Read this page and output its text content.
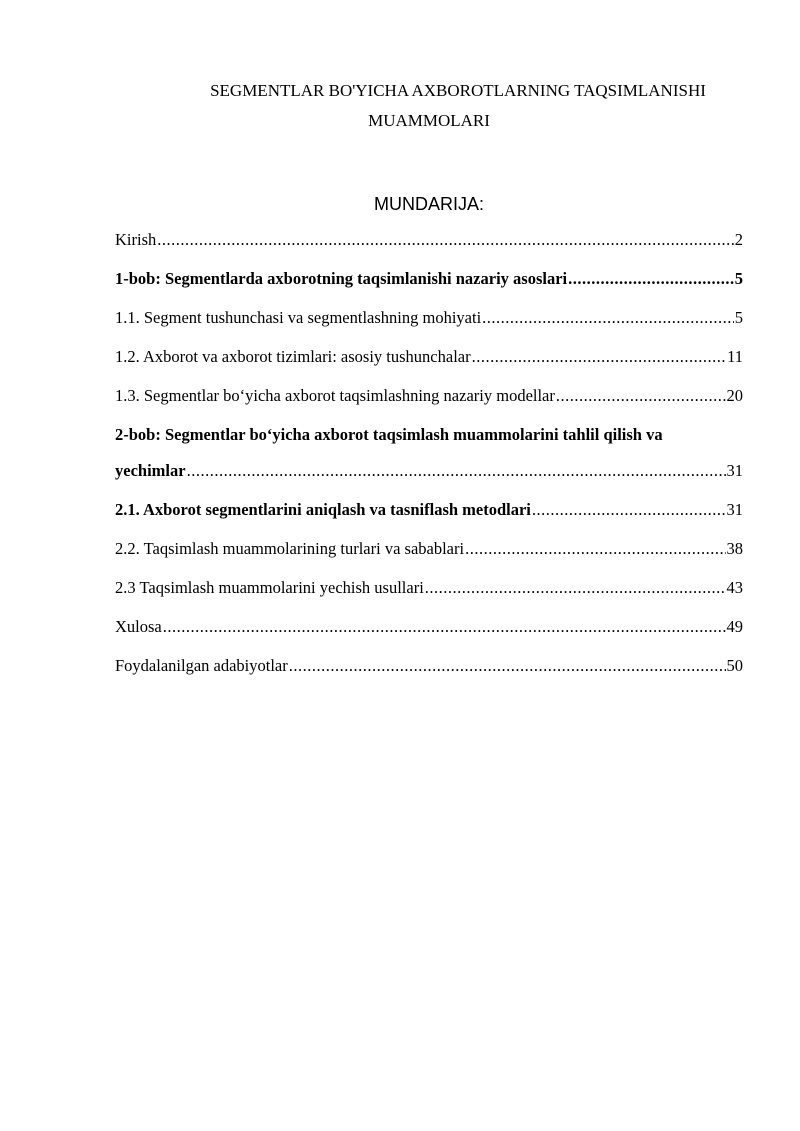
SEGMENTLAR BO'YICHA AXBOROTLARNING TAQSIMLANISHI
MUAMMOLARI
MUNDARIJA:
Kirish .....	2
1-bob: Segmentlarda axborotning taqsimlanishi nazariy asoslari .....	5
1.1. Segment tushunchasi va segmentlashning mohiyati .....	5
1.2. Axborot va axborot tizimlari: asosiy tushunchalar .....	11
1.3. Segmentlar bo‘yicha axborot taqsimlashning nazariy modellar .....	20
2-bob: Segmentlar bo‘yicha axborot taqsimlash muammolarini tahlil qilish va
yechimlar .....	31
2.1. Axborot segmentlarini aniqlash va tasniflash metodlari .....	31
2.2. Taqsimlash muammolarining turlari va sabablari .....	38
2.3 Taqsimlash muammolarini yechish usullari .....	43
Xulosa .....	49
Foydalanilgan adabiyotlar .....	50
